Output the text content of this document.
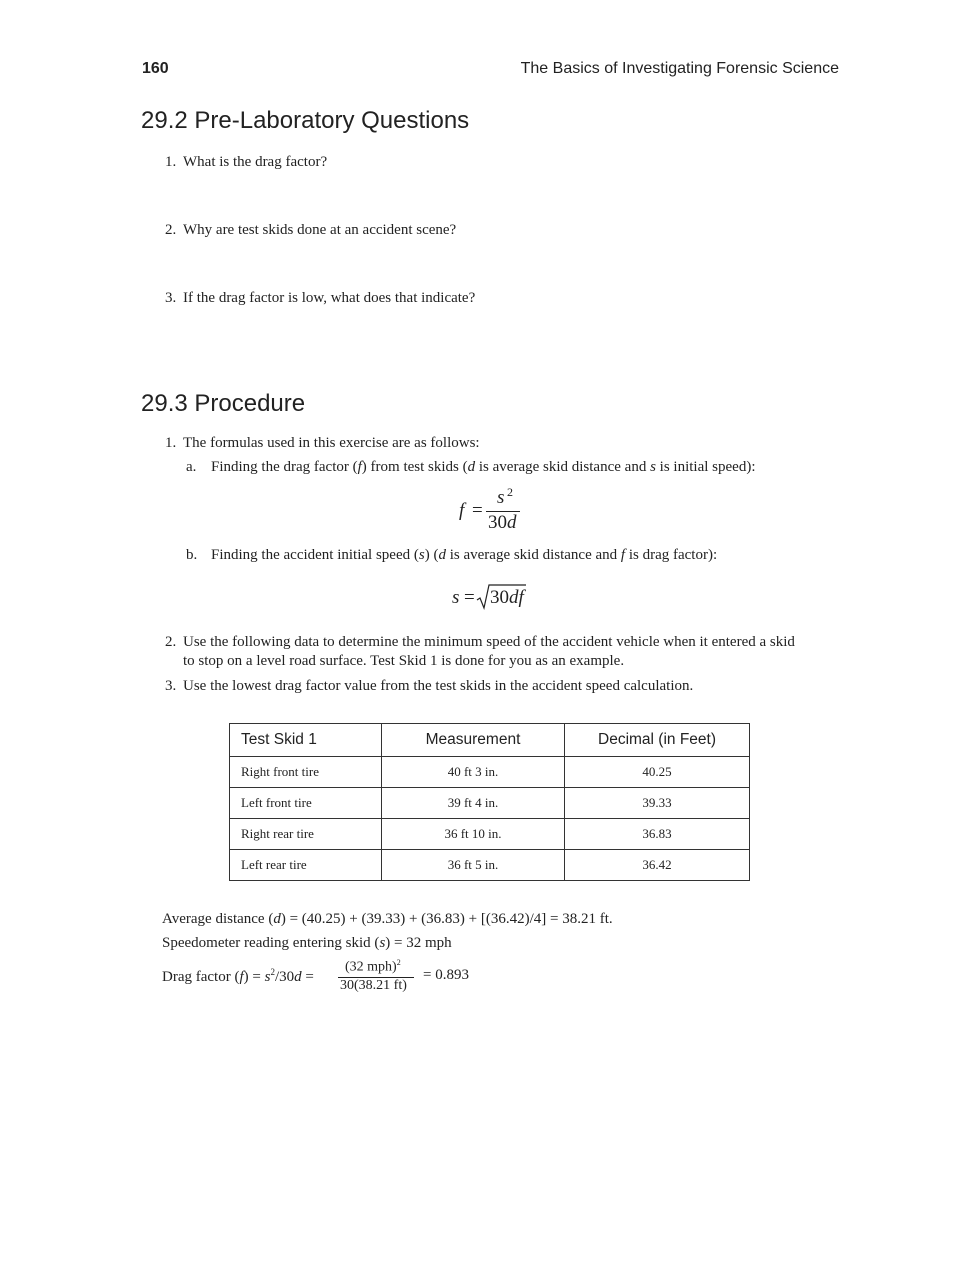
160	The Basics of Investigating Forensic Science
29.2 Pre-Laboratory Questions
1. What is the drag factor?
2. Why are test skids done at an accident scene?
3. If the drag factor is low, what does that indicate?
29.3 Procedure
1. The formulas used in this exercise are as follows:
a. Finding the drag factor (f) from test skids (d is average skid distance and s is initial speed):
f =
s 2
30d
b. Finding the accident initial speed (s) (d is average skid distance and f is drag factor):
s = 30df
2. Use the following data to determine the minimum speed of the accident vehicle when it entered a skid
to stop on a level road surface. Test Skid 1 is done for you as an example.
3. Use the lowest drag factor value from the test skids in the accident speed calculation.
Test Skid 1	Measurement	Decimal (in Feet)
Right front tire	40 ft 3 in.	40.25
Left front tire	39 ft 4 in.	39.33
Right rear tire	36 ft 10 in.	36.83
Left rear tire	36 ft 5 in.	36.42
Average distance (d) = (40.25) + (39.33) + (36.83) + [(36.42)/4] = 38.21 ft.
Speedometer reading entering skid (s) = 32 mph
Drag factor $(f) = s^2/30d$ =
(32 mph)$^2$
30(38.21 ft)
= 0.893
